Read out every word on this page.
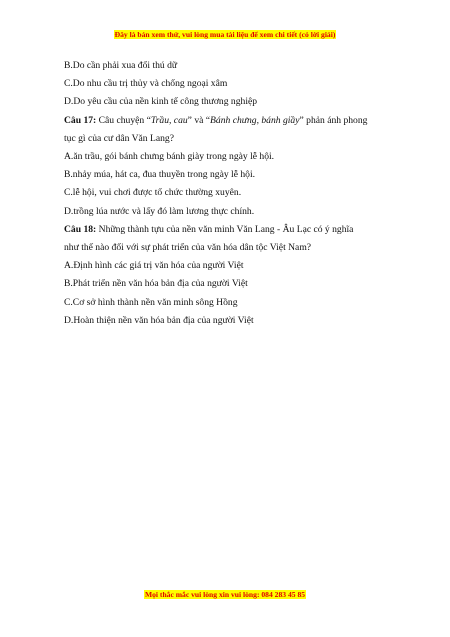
Đây là bản xem thử, vui lòng mua tài liệu để xem chi tiết (có lời giải)
B.Do cần phải xua đổi thú dữ
C.Do nhu cầu trị thủy và chống ngoại xâm
D.Do yêu cầu của nền kinh tế công thương nghiệp
Câu 17: Câu chuyện “Trầu, cau” và “Bánh chưng, bánh giầy” phản ánh phong
tục gì của cư dân Văn Lang?
A.ăn trầu, gói bánh chưng bánh giày trong ngày lễ hội.
B.nhảy múa, hát ca, đua thuyền trong ngày lễ hội.
C.lễ hội, vui chơi được tổ chức thường xuyên.
D.trồng lúa nước và lấy đó làm lương thực chính.
Câu 18: Những thành tựu của nền văn minh Văn Lang - Âu Lạc có ý nghĩa
như thế nào đối với sự phát triển của văn hóa dân tộc Việt Nam?
A.Định hình các giá trị văn hóa của người Việt
B.Phát triển nền văn hóa bản địa của người Việt
C.Cơ sở hình thành nền văn minh sông Hồng
D.Hoàn thiện nền văn hóa bản địa của người Việt
Mọi thắc mắc vui lòng xin vui lòng: 084 283 45 85
